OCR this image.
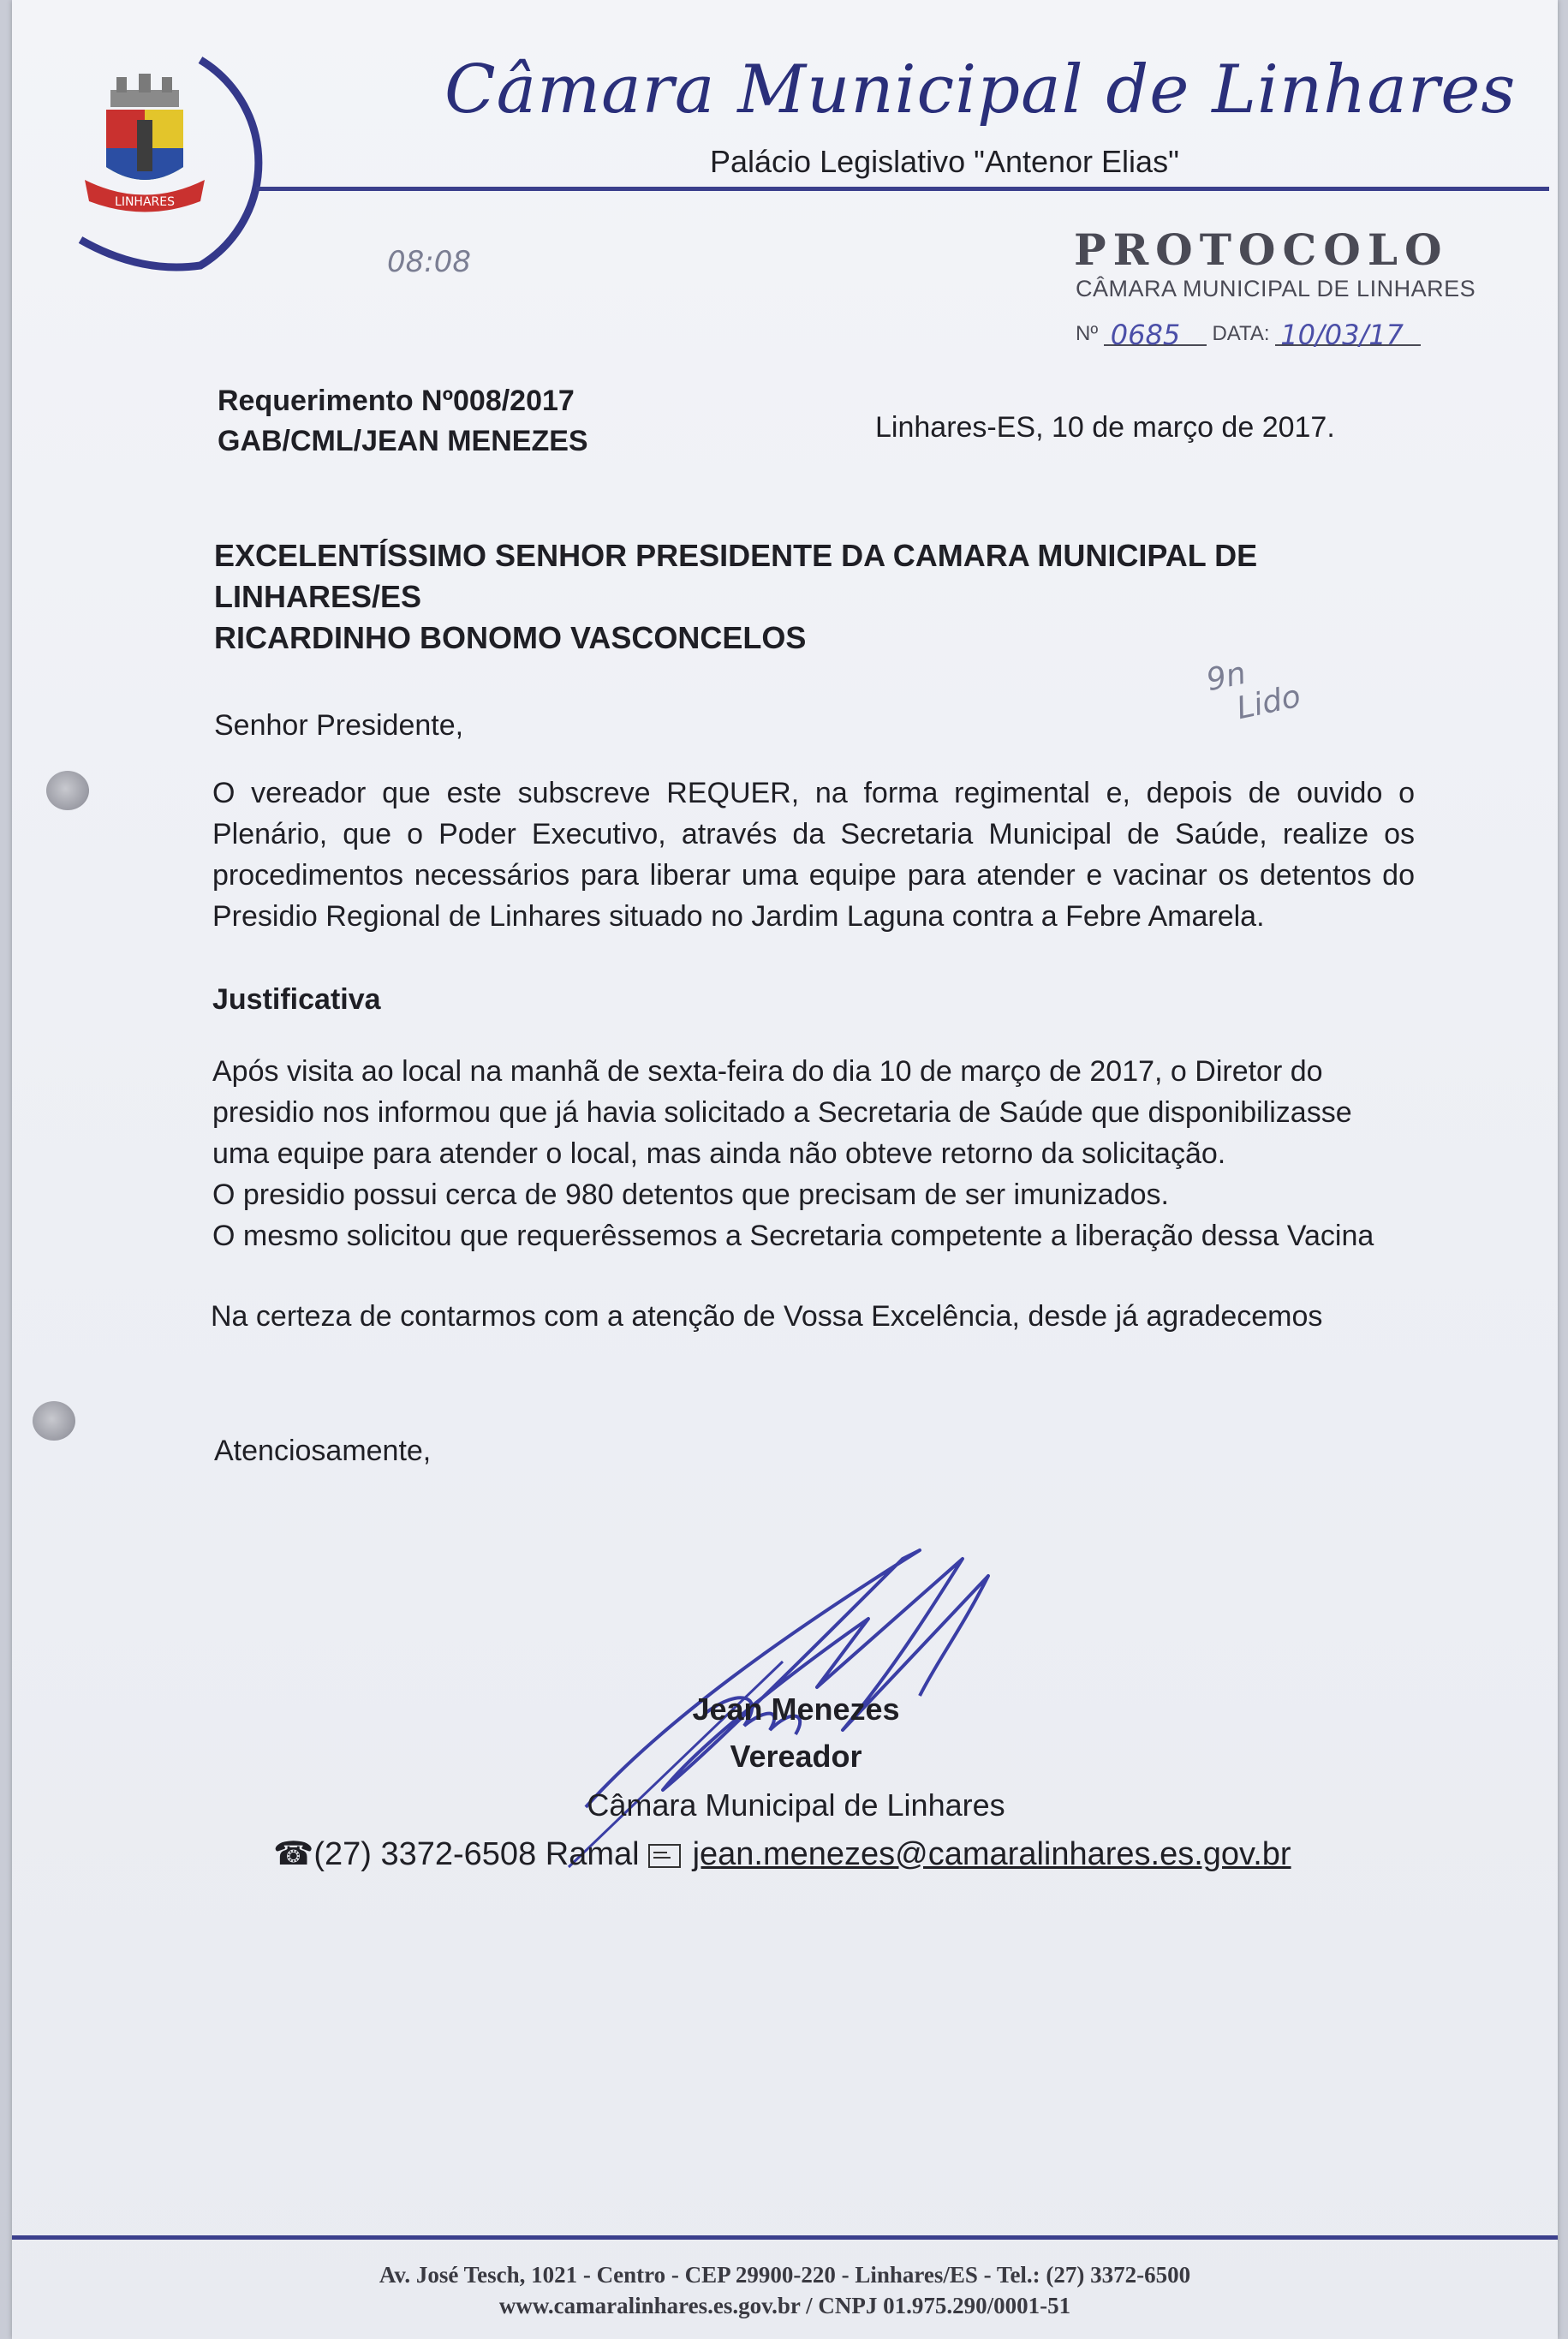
LINHARES
Câmara Municipal de Linhares
Palácio Legislativo "Antenor Elias"
08:08	PROTOCOLO
CÂMARA MUNICIPAL DE LINHARES
Nº 0685 DATA: 10/03/17
Requerimento Nº008/2017
GAB/CML/JEAN MENEZES	Linhares-ES, 10 de março de 2017.
EXCELENTÍSSIMO SENHOR PRESIDENTE DA CAMARA MUNICIPAL DE
LINHARES/ES
RICARDINHO BONOMO VASCONCELOS
9n
Lido
Senhor Presidente,
O vereador que este subscreve REQUER, na forma regimental e, depois de ouvido o Plenário, que o Poder Executivo, através da Secretaria Municipal de Saúde, realize os procedimentos necessários para liberar uma equipe para atender e vacinar os detentos do Presidio Regional de Linhares situado no Jardim Laguna contra a Febre Amarela.
Justificativa

Após visita ao local na manhã de sexta-feira do dia 10 de março de 2017, o Diretor do

presidio nos informou que já havia solicitado a Secretaria de Saúde que disponibilizasse

uma equipe para atender o local, mas ainda não obteve retorno da solicitação.

O presidio possui cerca de 980 detentos que precisam de ser imunizados.

O mesmo solicitou que requerêssemos a Secretaria competente a liberação dessa Vacina

Na certeza de contarmos com a atenção de Vossa Excelência, desde já agradecemos
Atenciosamente,
Jean Menezes
Vereador
Câmara Municipal de Linhares
☎(27) 3372-6508 Ramal jean.menezes@camaralinhares.es.gov.br
Av. José Tesch, 1021 - Centro - CEP 29900-220 - Linhares/ES - Tel.: (27) 3372-6500
www.camaralinhares.es.gov.br / CNPJ 01.975.290/0001-51
